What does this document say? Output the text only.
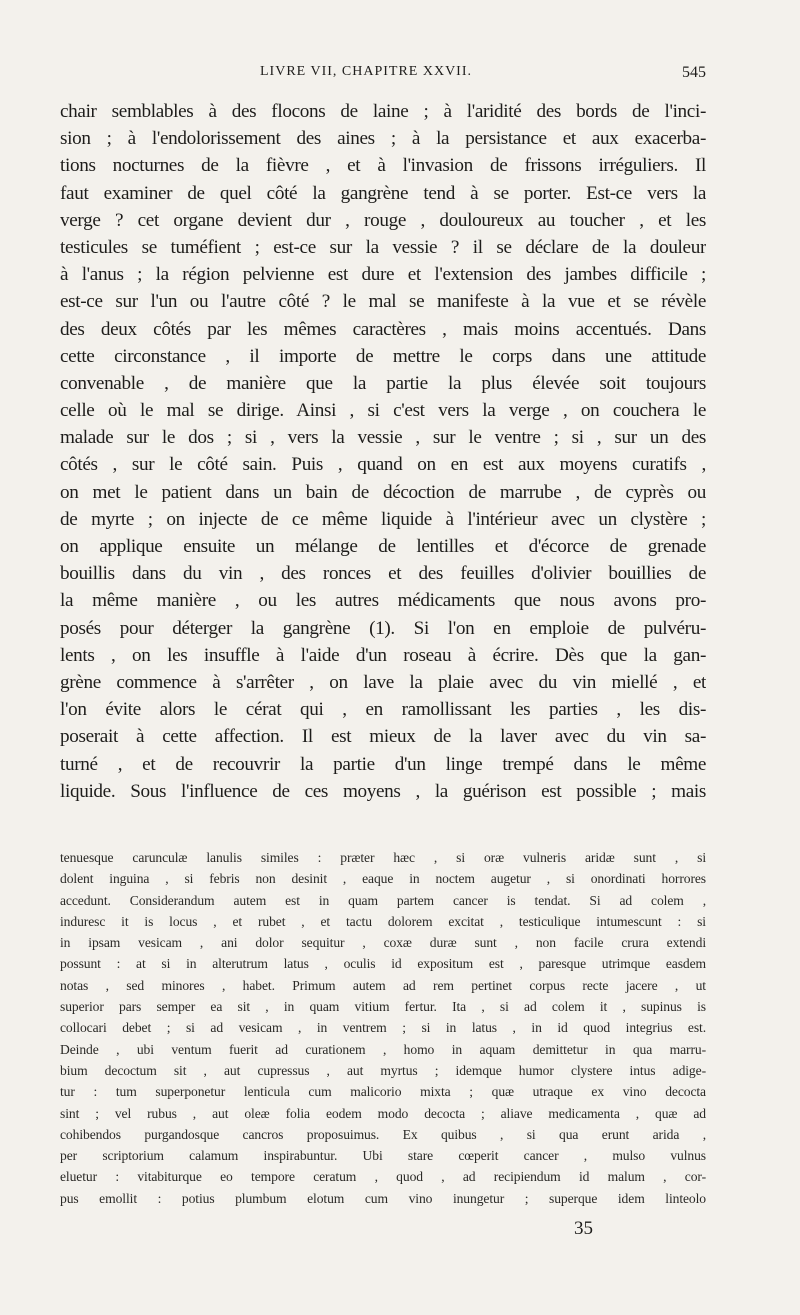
LIVRE VII, CHAPITRE XXVII.	545
chair semblables à des flocons de laine ; à l'aridité des bords de l'inci-
sion ; à l'endolorissement des aines ; à la persistance et aux exacerba-
tions nocturnes de la fièvre , et à l'invasion de frissons irréguliers. Il
faut examiner de quel côté la gangrène tend à se porter. Est-ce vers la
verge ? cet organe devient dur , rouge , douloureux au toucher , et les
testicules se tuméfient ; est-ce sur la vessie ? il se déclare de la douleur
à l'anus ; la région pelvienne est dure et l'extension des jambes difficile ;
est-ce sur l'un ou l'autre côté ? le mal se manifeste à la vue et se révèle
des deux côtés par les mêmes caractères , mais moins accentués. Dans
cette circonstance , il importe de mettre le corps dans une attitude
convenable , de manière que la partie la plus élevée soit toujours
celle où le mal se dirige. Ainsi , si c'est vers la verge , on couchera le
malade sur le dos ; si , vers la vessie , sur le ventre ; si , sur un des
côtés , sur le côté sain. Puis , quand on en est aux moyens curatifs ,
on met le patient dans un bain de décoction de marrube , de cyprès ou
de myrte ; on injecte de ce même liquide à l'intérieur avec un clystère ;
on applique ensuite un mélange de lentilles et d'écorce de grenade
bouillis dans du vin , des ronces et des feuilles d'olivier bouillies de
la même manière , ou les autres médicaments que nous avons pro-
posés pour déterger la gangrène (1). Si l'on en emploie de pulvéru-
lents , on les insuffle à l'aide d'un roseau à écrire. Dès que la gan-
grène commence à s'arrêter , on lave la plaie avec du vin miellé , et
l'on évite alors le cérat qui , en ramollissant les parties , les dis-
poserait à cette affection. Il est mieux de la laver avec du vin sa-
turné , et de recouvrir la partie d'un linge trempé dans le même
liquide. Sous l'influence de ces moyens , la guérison est possible ; mais
tenuesque carunculæ lanulis similes : præter hæc , si oræ vulneris aridæ sunt , si
dolent inguina , si febris non desinit , eaque in noctem augetur , si onordinati horrores
accedunt. Considerandum autem est in quam partem cancer is tendat. Si ad colem ,
induresc it is locus , et rubet , et tactu dolorem excitat , testiculique intumescunt : si
in ipsam vesicam , ani dolor sequitur , coxæ duræ sunt , non facile crura extendi
possunt : at si in alterutrum latus , oculis id expositum est , paresque utrimque easdem
notas , sed minores , habet. Primum autem ad rem pertinet corpus recte jacere , ut
superior pars semper ea sit , in quam vitium fertur. Ita , si ad colem it , supinus is
collocari debet ; si ad vesicam , in ventrem ; si in latus , in id quod integrius est.
Deinde , ubi ventum fuerit ad curationem , homo in aquam demittetur in qua marru-
bium decoctum sit , aut cupressus , aut myrtus ; idemque humor clystere intus adige-
tur : tum superponetur lenticula cum malicorio mixta ; quæ utraque ex vino decocta
sint ; vel rubus , aut oleæ folia eodem modo decocta ; aliave medicamenta , quæ ad
cohibendos purgandosque cancros proposuimus. Ex quibus , si qua erunt arida ,
per scriptorium calamum inspirabuntur. Ubi stare cœperit cancer , mulso vulnus
eluetur : vitabiturque eo tempore ceratum , quod , ad recipiendum id malum , cor-
pus emollit : potius plumbum elotum cum vino inungetur ; superque idem linteolo
35
